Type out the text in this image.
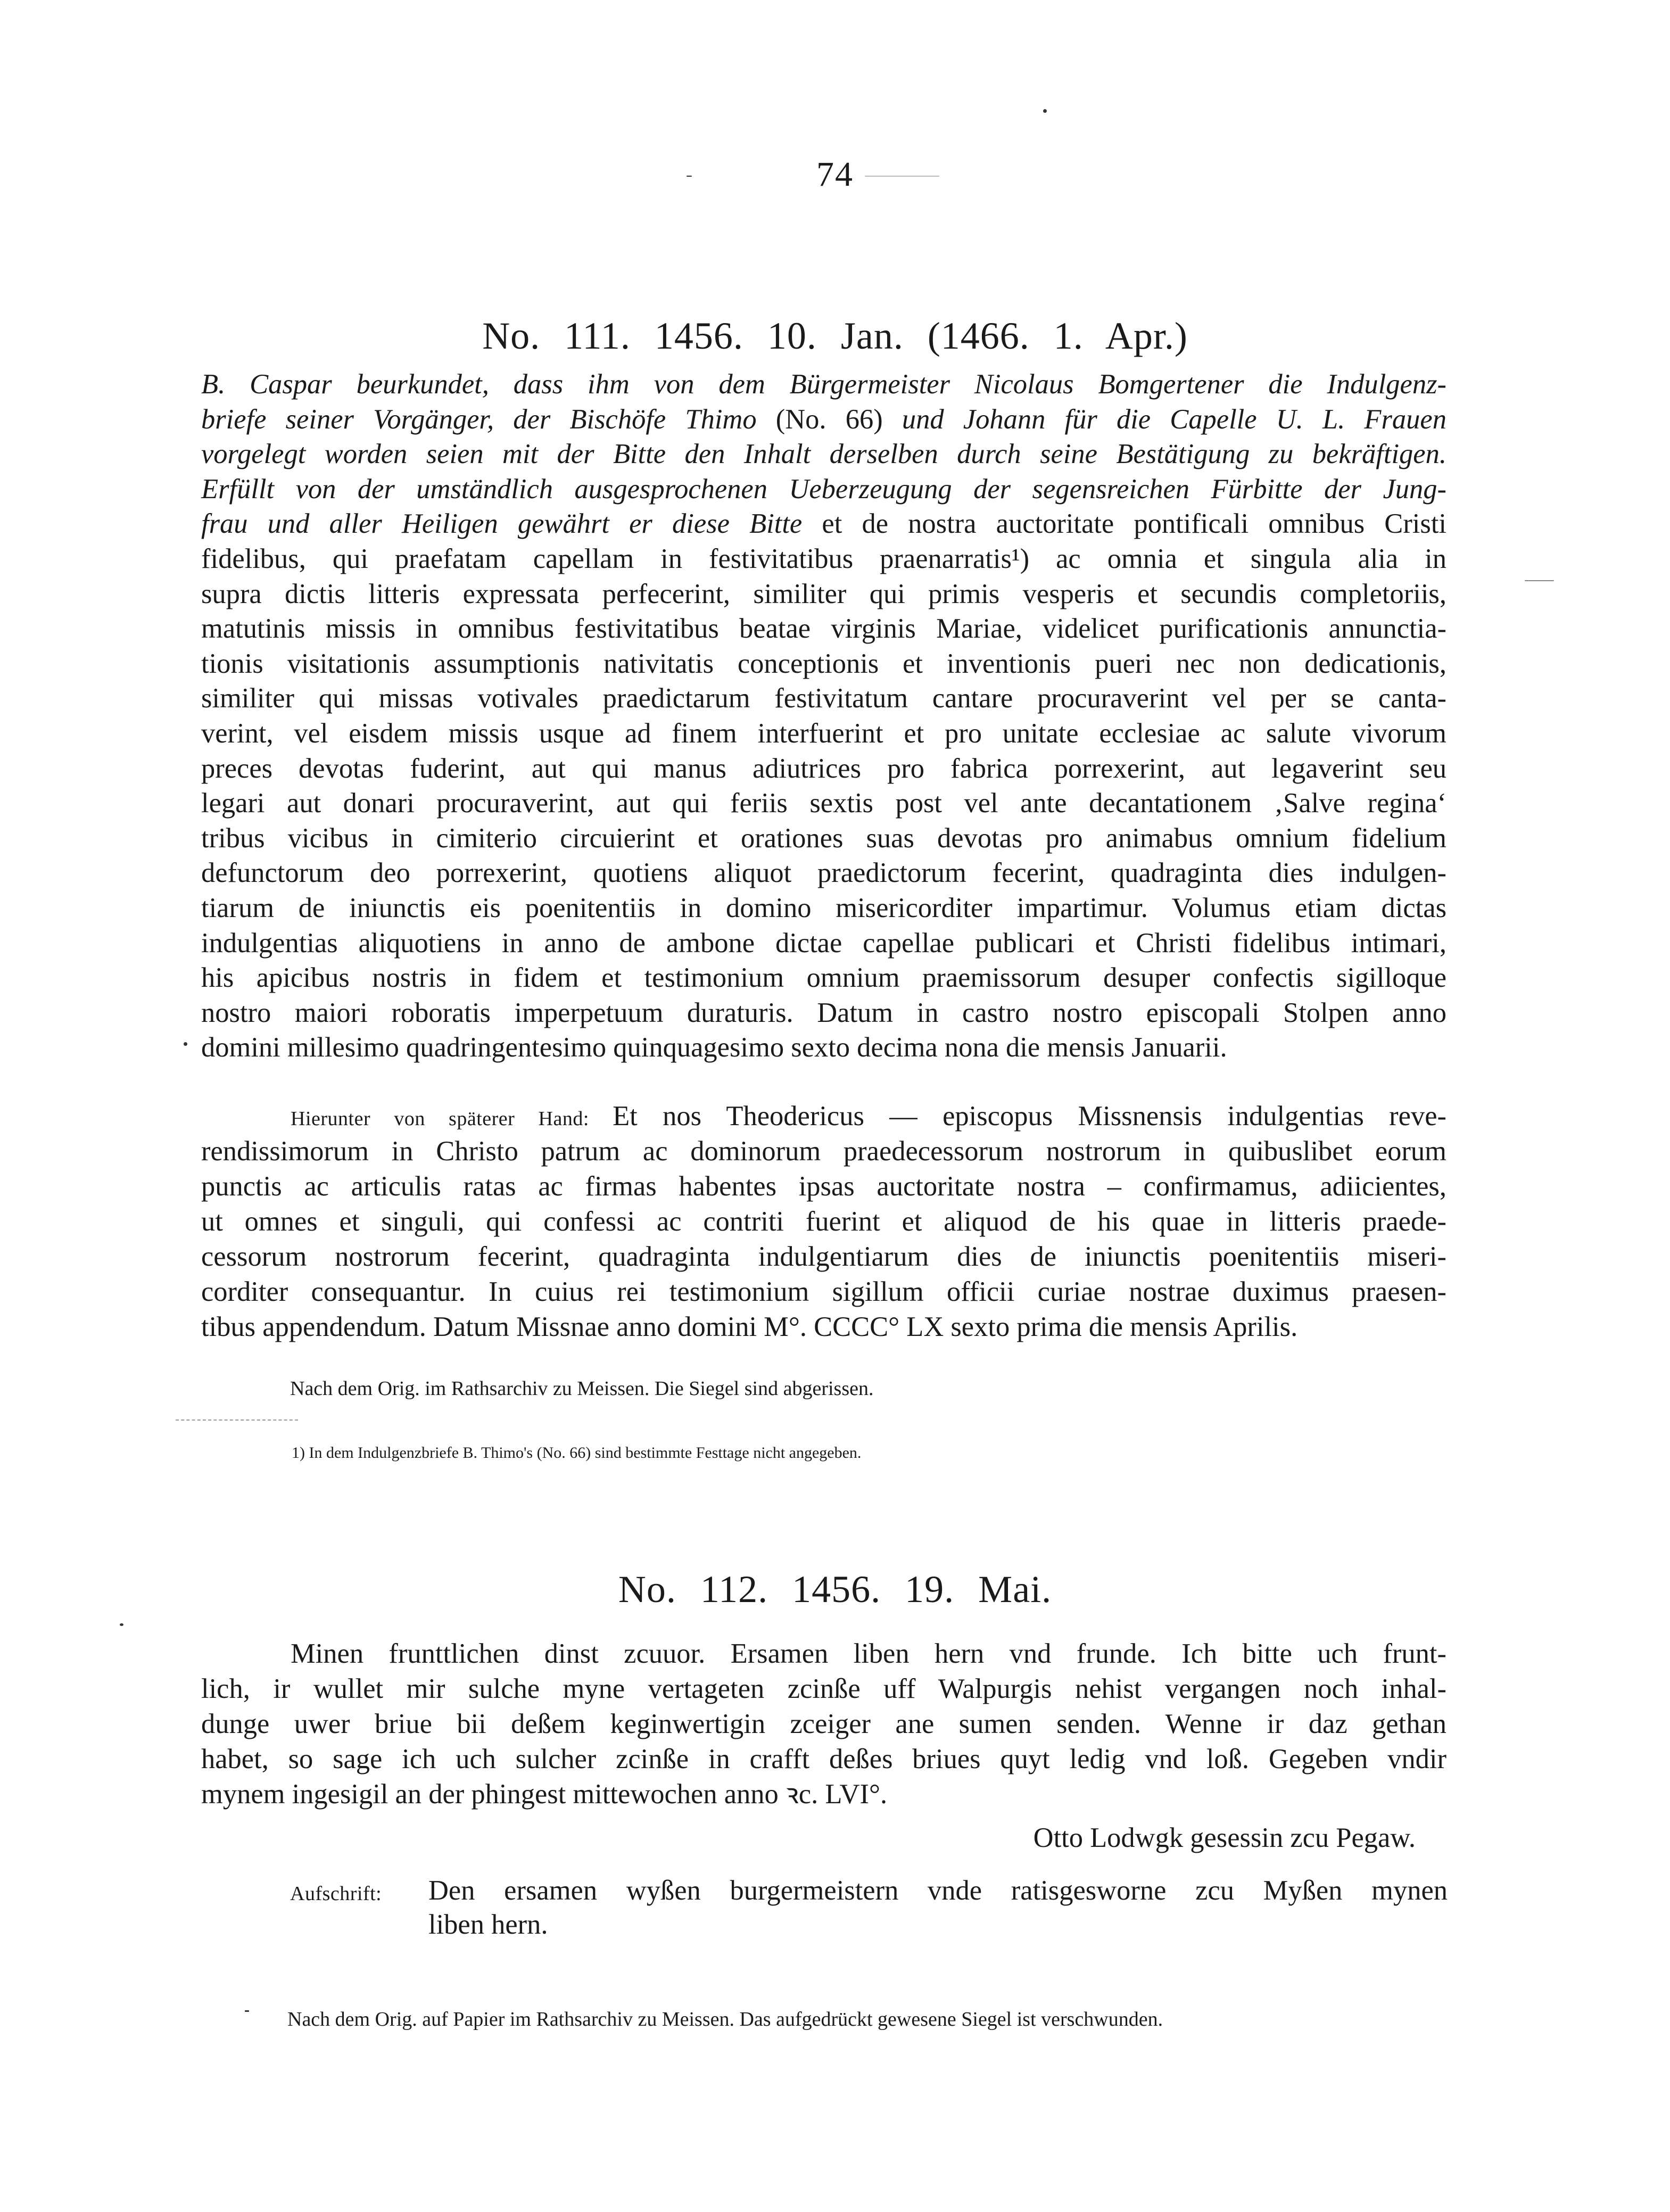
74
No. 111. 1456. 10. Jan. (1466. 1. Apr.)
B. Caspar beurkundet, dass ihm von dem Bürgermeister Nicolaus Bomgertener die Indulgenz-
briefe seiner Vorgänger, der Bischöfe Thimo (No. 66) und Johann für die Capelle U. L. Frauen
vorgelegt worden seien mit der Bitte den Inhalt derselben durch seine Bestätigung zu bekräftigen.
Erfüllt von der umständlich ausgesprochenen Ueberzeugung der segensreichen Fürbitte der Jung-
frau und aller Heiligen gewährt er diese Bitte et de nostra auctoritate pontificali omnibus Cristi
fidelibus, qui praefatam capellam in festivitatibus praenarratis¹) ac omnia et singula alia in
supra dictis litteris expressata perfecerint, similiter qui primis vesperis et secundis completoriis,
matutinis missis in omnibus festivitatibus beatae virginis Mariae, videlicet purificationis annunctia-
tionis visitationis assumptionis nativitatis conceptionis et inventionis pueri nec non dedicationis,
similiter qui missas votivales praedictarum festivitatum cantare procuraverint vel per se canta-
verint, vel eisdem missis usque ad finem interfuerint et pro unitate ecclesiae ac salute vivorum
preces devotas fuderint, aut qui manus adiutrices pro fabrica porrexerint, aut legaverint seu
legari aut donari procuraverint, aut qui feriis sextis post vel ante decantationem ‚Salve regina‘
tribus vicibus in cimiterio circuierint et orationes suas devotas pro animabus omnium fidelium
defunctorum deo porrexerint, quotiens aliquot praedictorum fecerint, quadraginta dies indulgen-
tiarum de iniunctis eis poenitentiis in domino misericorditer impartimur. Volumus etiam dictas
indulgentias aliquotiens in anno de ambone dictae capellae publicari et Christi fidelibus intimari,
his apicibus nostris in fidem et testimonium omnium praemissorum desuper confectis sigilloque
nostro maiori roboratis imperpetuum duraturis. Datum in castro nostro episcopali Stolpen anno
domini millesimo quadringentesimo quinquagesimo sexto decima nona die mensis Januarii.
Hierunter von späterer Hand: Et nos Theodericus — episcopus Missnensis indulgentias reve-
rendissimorum in Christo patrum ac dominorum praedecessorum nostrorum in quibuslibet eorum
punctis ac articulis ratas ac firmas habentes ipsas auctoritate nostra – confirmamus, adiicientes,
ut omnes et singuli, qui confessi ac contriti fuerint et aliquod de his quae in litteris praede-
cessorum nostrorum fecerint, quadraginta indulgentiarum dies de iniunctis poenitentiis miseri-
corditer consequantur. In cuius rei testimonium sigillum officii curiae nostrae duximus praesen-
tibus appendendum. Datum Missnae anno domini M°. CCCC° LX sexto prima die mensis Aprilis.
Nach dem Orig. im Rathsarchiv zu Meissen. Die Siegel sind abgerissen.
1) In dem Indulgenzbriefe B. Thimo's (No. 66) sind bestimmte Festtage nicht angegeben.
No. 112. 1456. 19. Mai.
Minen frunttlichen dinst zcuuor. Ersamen liben hern vnd frunde. Ich bitte uch frunt-
lich, ir wullet mir sulche myne vertageten zcinße uff Walpurgis nehist vergangen noch inhal-
dunge uwer briue bii deßem keginwertigin zceiger ane sumen senden. Wenne ir daz gethan
habet, so sage ich uch sulcher zcinße in crafft deßes briues quyt ledig vnd loß. Gegeben vndir
mynem ingesigil an der phingest mittewochen anno ꝛc. LVI°.
Otto Lodwgk gesessin zcu Pegaw.
Aufschrift: Den ersamen wyßen burgermeistern vnde ratisgesworne zcu Myßen mynen
liben hern.
Nach dem Orig. auf Papier im Rathsarchiv zu Meissen. Das aufgedrückt gewesene Siegel ist verschwunden.
